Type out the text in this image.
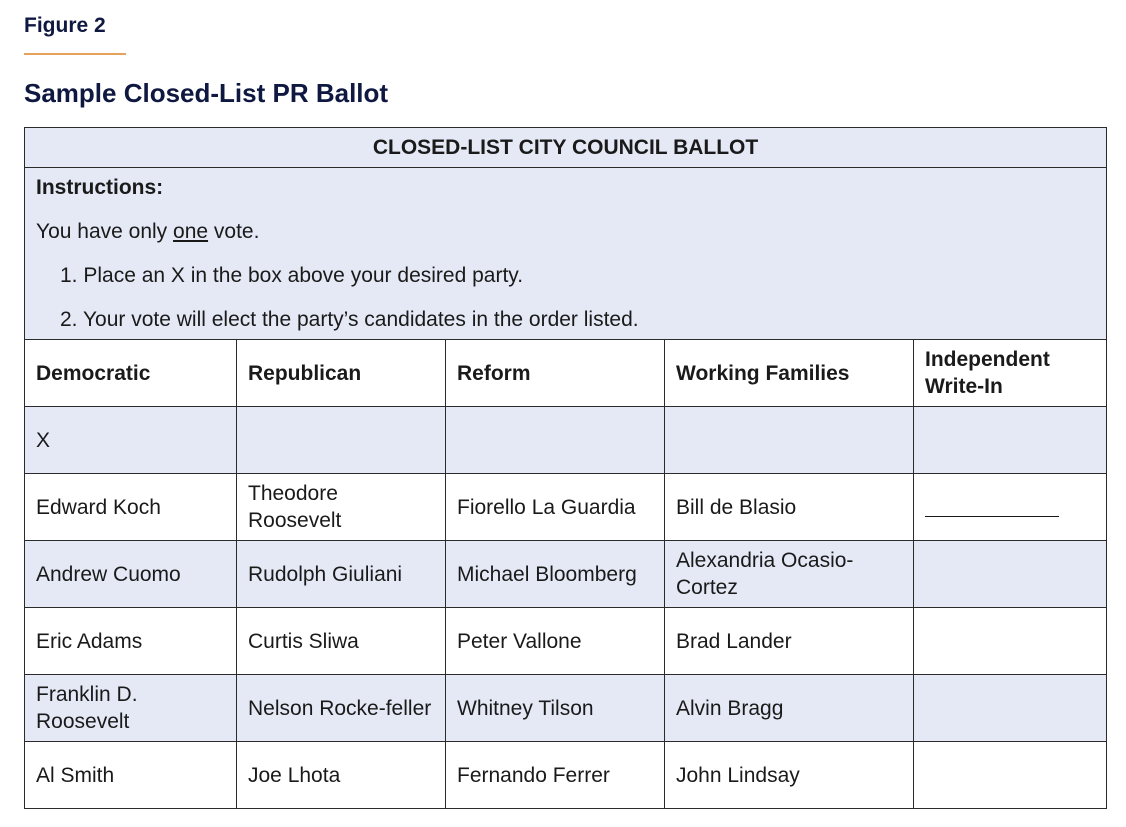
Figure 2
Sample Closed-List PR Ballot
CLOSED-LIST CITY COUNCIL BALLOT				

Instructions:
You have only one vote.
1. Place an X in the box above your desired party.
2. Your vote will elect the party’s candidates in the order listed.				

Democratic	Republican	Reform	Working Families	Independent Write-In
X				
Edward Koch	Theodore Roosevelt	Fiorello La Guardia	Bill de Blasio	

Andrew Cuomo	Rudolph Giuliani	Michael Bloomberg	Alexandria Ocasio-Cortez	
Eric Adams	Curtis Sliwa	Peter Vallone	Brad Lander	
Franklin D. Roosevelt	Nelson Rocke-feller	Whitney Tilson	Alvin Bragg	
Al Smith	Joe Lhota	Fernando Ferrer	John Lindsay	
